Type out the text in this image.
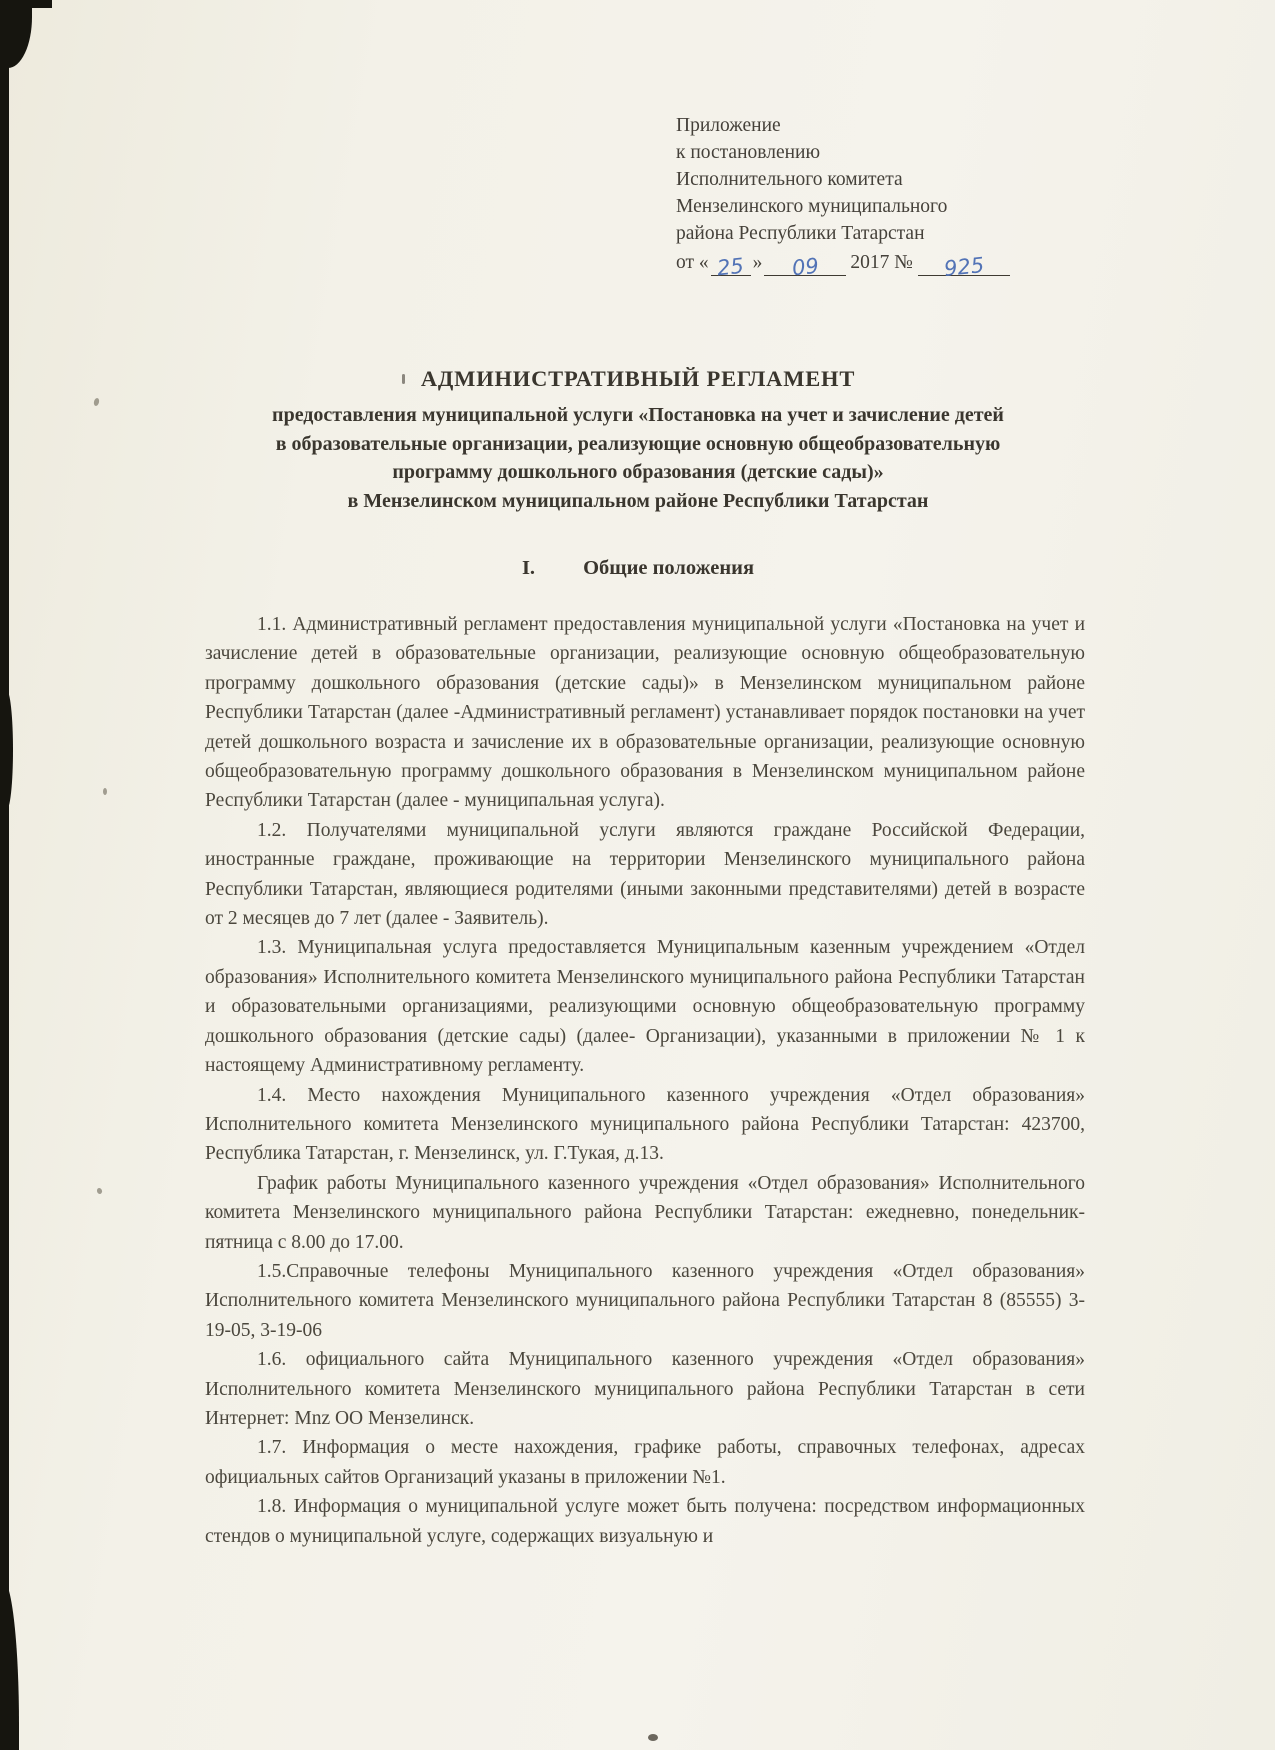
Приложение
к постановлению
Исполнительного комитета
Мензелинского муниципального
района Республики Татарстан
от « 25 » 09 2017 № 925
АДМИНИСТРАТИВНЫЙ РЕГЛАМЕНТ
предоставления муниципальной услуги «Постановка на учет и зачисление детей
в образовательные организации, реализующие основную общеобразовательную
программу дошкольного образования (детские сады)»
в Мензелинском муниципальном районе Республики Татарстан
I. Общие положения

1.1. Административный регламент предоставления муниципальной услуги «Постановка на учет и зачисление детей в образовательные организации, реализующие основную общеобразовательную программу дошкольного образования (детские сады)» в Мензелинском муниципальном районе Республики Татарстан (далее -Административный регламент) устанавливает порядок постановки на учет детей дошкольного возраста и зачисление их в образовательные организации, реализующие основную общеобразовательную программу дошкольного образования в Мензелинском муниципальном районе Республики Татарстан (далее - муниципальная услуга).

1.2. Получателями муниципальной услуги являются граждане Российской Федерации, иностранные граждане, проживающие на территории Мензелинского муниципального района Республики Татарстан, являющиеся родителями (иными законными представителями) детей в возрасте от 2 месяцев до 7 лет (далее - Заявитель).

1.3. Муниципальная услуга предоставляется Муниципальным казенным учреждением «Отдел образования» Исполнительного комитета Мензелинского муниципального района Республики Татарстан и образовательными организациями, реализующими основную общеобразовательную программу дошкольного образования (детские сады) (далее- Организации), указанными в приложении № 1 к настоящему Административному регламенту.

1.4. Место нахождения Муниципального казенного учреждения «Отдел образования» Исполнительного комитета Мензелинского муниципального района Республики Татарстан: 423700, Республика Татарстан, г. Мензелинск, ул. Г.Тукая, д.13.

График работы Муниципального казенного учреждения «Отдел образования» Исполнительного комитета Мензелинского муниципального района Республики Татарстан: ежедневно, понедельник-пятница с 8.00 до 17.00.

1.5.Справочные телефоны Муниципального казенного учреждения «Отдел образования» Исполнительного комитета Мензелинского муниципального района Республики Татарстан 8 (85555) 3-19-05, 3-19-06

1.6. официального сайта Муниципального казенного учреждения «Отдел образования» Исполнительного комитета Мензелинского муниципального района Республики Татарстан в сети Интернет: Mnz ОО Мензелинск.

1.7. Информация о месте нахождения, графике работы, справочных телефонах, адресах официальных сайтов Организаций указаны в приложении №1.

1.8. Информация о муниципальной услуге может быть получена: посредством информационных стендов о муниципальной услуге, содержащих визуальную и
